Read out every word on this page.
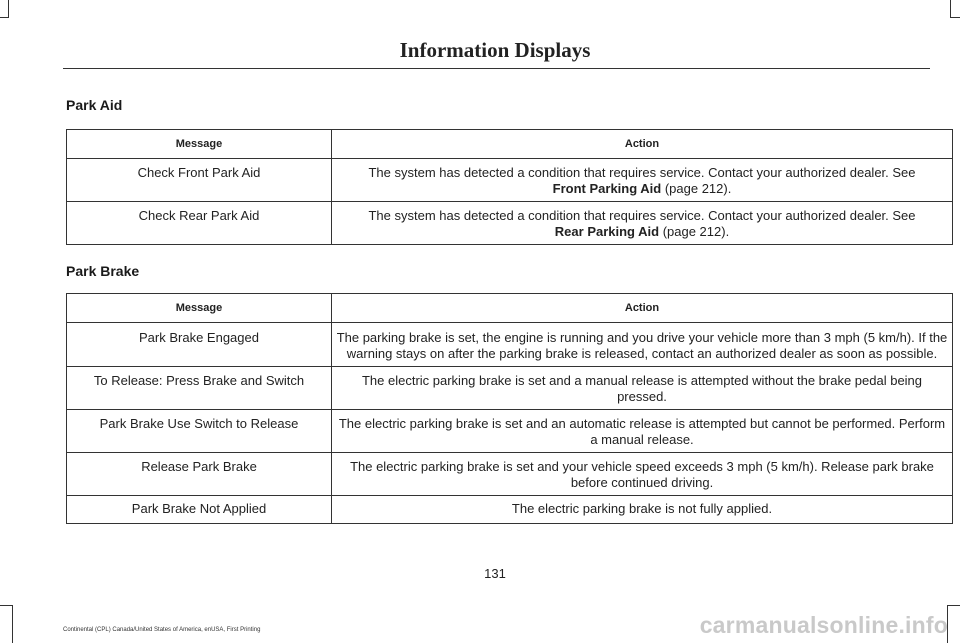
Information Displays
Park Aid
Message	Action
Check Front Park Aid	The system has detected a condition that requires service. Contact your authorized dealer. See
Front Parking Aid (page 212).
Check Rear Park Aid	The system has detected a condition that requires service. Contact your authorized dealer. See
Rear Parking Aid (page 212).
Park Brake
Message	Action
Park Brake Engaged	The parking brake is set, the engine is running and you drive your vehicle more than 3 mph (5 km/h). If the warning stays on after the parking brake is released, contact an authorized dealer as soon as possible.
To Release: Press Brake and Switch	The electric parking brake is set and a manual release is attempted without the brake pedal being pressed.
Park Brake Use Switch to Release	The electric parking brake is set and an automatic release is attempted but cannot be performed. Perform a manual release.
Release Park Brake	The electric parking brake is set and your vehicle speed exceeds 3 mph (5 km/h). Release park brake before continued driving.
Park Brake Not Applied	The electric parking brake is not fully applied.
131
Continental (CPL) Canada/United States of America, enUSA, First Printing	carmanualsonline.info
